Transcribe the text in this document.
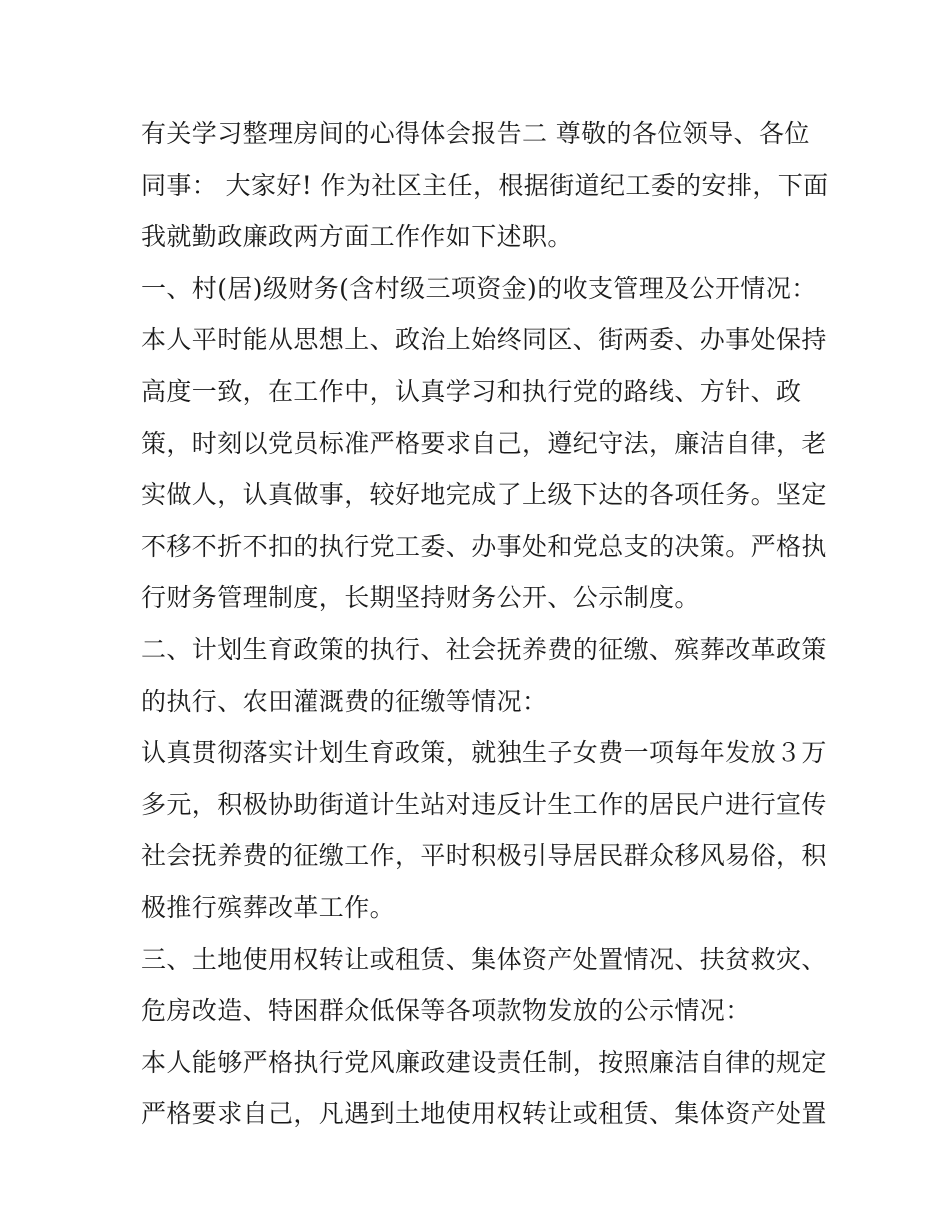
有关学习整理房间的心得体会报告二 尊敬的各位领导、各位
同事： 大家好! 作为社区主任，根据街道纪工委的安排，下面
我就勤政廉政两方面工作作如下述职。
一、村(居)级财务(含村级三项资金)的收支管理及公开情况：
本人平时能从思想上、政治上始终同区、街两委、办事处保持
高度一致，在工作中，认真学习和执行党的路线、方针、政
策，时刻以党员标准严格要求自己，遵纪守法，廉洁自律，老
实做人，认真做事，较好地完成了上级下达的各项任务。坚定
不移不折不扣的执行党工委、办事处和党总支的决策。严格执
行财务管理制度，长期坚持财务公开、公示制度。
二、计划生育政策的执行、社会抚养费的征缴、殡葬改革政策
的执行、农田灌溉费的征缴等情况：
认真贯彻落实计划生育政策，就独生子女费一项每年发放３万
多元，积极协助街道计生站对违反计生工作的居民户进行宣传
社会抚养费的征缴工作，平时积极引导居民群众移风易俗，积
极推行殡葬改革工作。
三、土地使用权转让或租赁、集体资产处置情况、扶贫救灾、
危房改造、特困群众低保等各项款物发放的公示情况：
本人能够严格执行党风廉政建设责任制，按照廉洁自律的规定
严格要求自己，凡遇到土地使用权转让或租赁、集体资产处置
